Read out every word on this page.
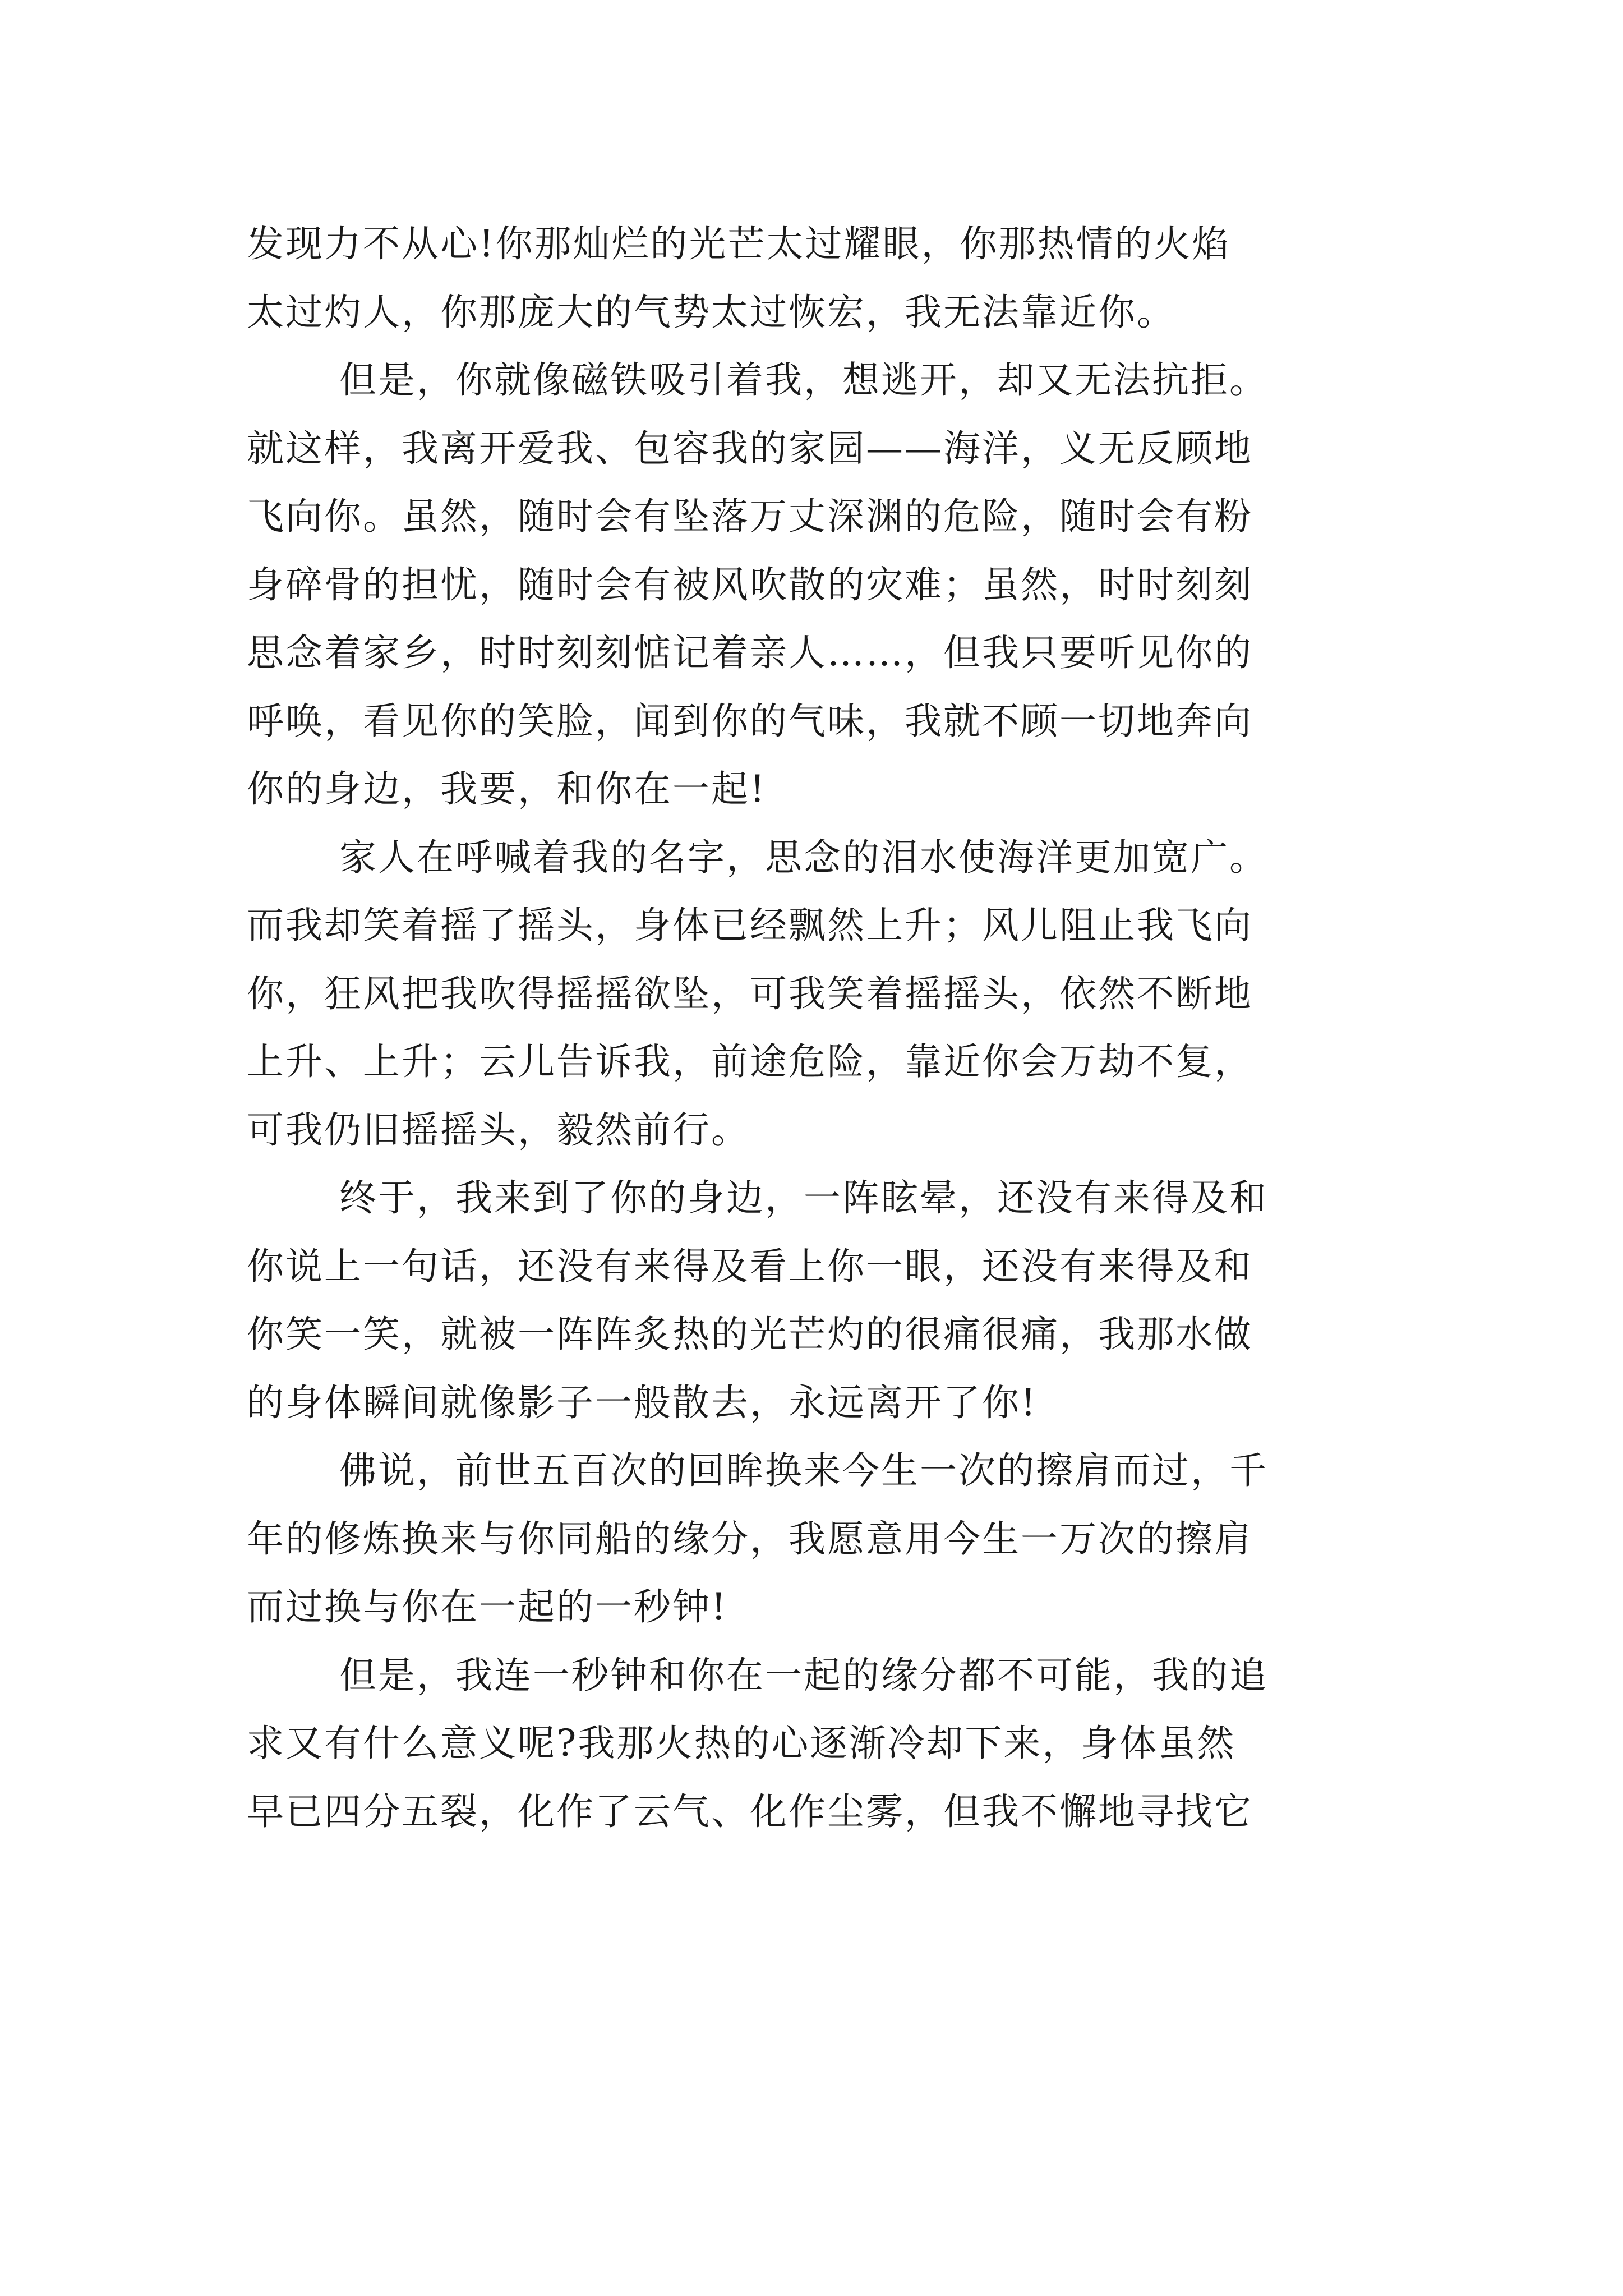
发现力不从心!你那灿烂的光芒太过耀眼，你那热情的火焰
太过灼人，你那庞大的气势太过恢宏，我无法靠近你。
但是，你就像磁铁吸引着我，想逃开，却又无法抗拒。
就这样，我离开爱我、包容我的家园——海洋，义无反顾地
飞向你。虽然，随时会有坠落万丈深渊的危险，随时会有粉
身碎骨的担忧，随时会有被风吹散的灾难；虽然，时时刻刻
思念着家乡，时时刻刻惦记着亲人……，但我只要听见你的
呼唤，看见你的笑脸，闻到你的气味，我就不顾一切地奔向
你的身边，我要，和你在一起!
家人在呼喊着我的名字，思念的泪水使海洋更加宽广。
而我却笑着摇了摇头，身体已经飘然上升；风儿阻止我飞向
你，狂风把我吹得摇摇欲坠，可我笑着摇摇头，依然不断地
上升、上升；云儿告诉我，前途危险，靠近你会万劫不复，
可我仍旧摇摇头，毅然前行。
终于，我来到了你的身边，一阵眩晕，还没有来得及和
你说上一句话，还没有来得及看上你一眼，还没有来得及和
你笑一笑，就被一阵阵炙热的光芒灼的很痛很痛，我那水做
的身体瞬间就像影子一般散去，永远离开了你!
佛说，前世五百次的回眸换来今生一次的擦肩而过，千
年的修炼换来与你同船的缘分，我愿意用今生一万次的擦肩
而过换与你在一起的一秒钟!
但是，我连一秒钟和你在一起的缘分都不可能，我的追
求又有什么意义呢?我那火热的心逐渐冷却下来，身体虽然
早已四分五裂，化作了云气、化作尘雾，但我不懈地寻找它
